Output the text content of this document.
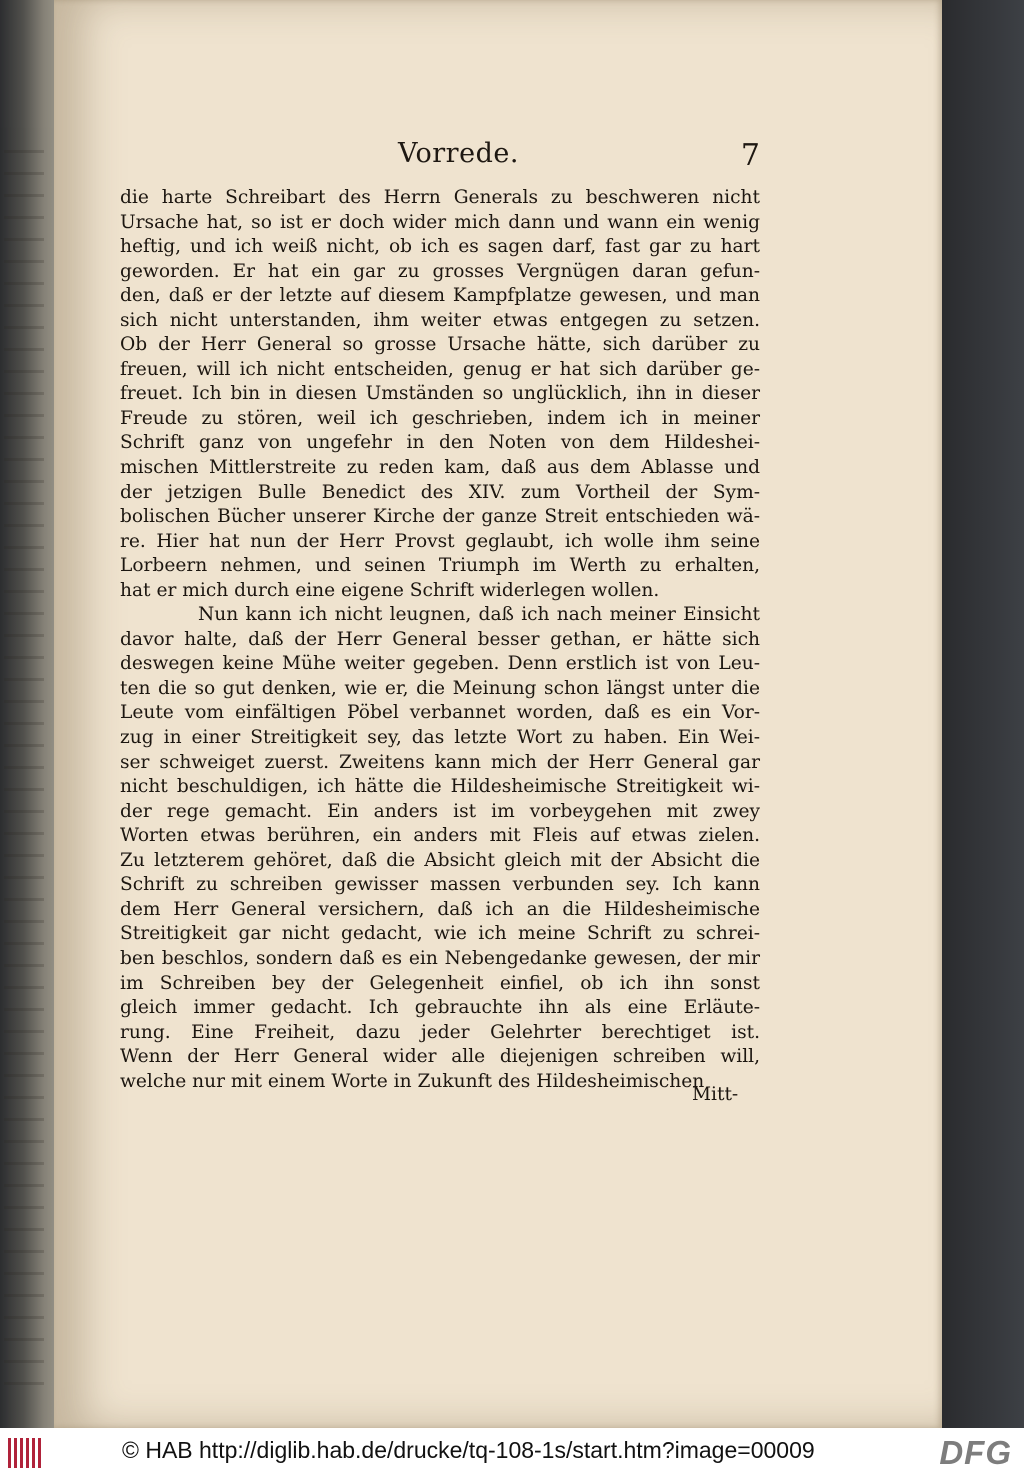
Vorrede.	7
die harte Schreibart des Herrn Generals zu beschweren nicht
Ursache hat, so ist er doch wider mich dann und wann ein wenig
heftig, und ich weiß nicht, ob ich es sagen darf, fast gar zu hart
geworden. Er hat ein gar zu grosses Vergnügen daran gefun-
den, daß er der letzte auf diesem Kampfplatze gewesen, und man
sich nicht unterstanden, ihm weiter etwas entgegen zu setzen.
Ob der Herr General so grosse Ursache hätte, sich darüber zu
freuen, will ich nicht entscheiden, genug er hat sich darüber ge-
freuet. Ich bin in diesen Umständen so unglücklich, ihn in dieser
Freude zu stören, weil ich geschrieben, indem ich in meiner
Schrift ganz von ungefehr in den Noten von dem Hildeshei-
mischen Mittlerstreite zu reden kam, daß aus dem Ablasse und
der jetzigen Bulle Benedict des XIV. zum Vortheil der Sym-
bolischen Bücher unserer Kirche der ganze Streit entschieden wä-
re. Hier hat nun der Herr Provst geglaubt, ich wolle ihm seine
Lorbeern nehmen, und seinen Triumph im Werth zu erhalten,
hat er mich durch eine eigene Schrift widerlegen wollen.
Nun kann ich nicht leugnen, daß ich nach meiner Einsicht
davor halte, daß der Herr General besser gethan, er hätte sich
deswegen keine Mühe weiter gegeben. Denn erstlich ist von Leu-
ten die so gut denken, wie er, die Meinung schon längst unter die
Leute vom einfältigen Pöbel verbannet worden, daß es ein Vor-
zug in einer Streitigkeit sey, das letzte Wort zu haben. Ein Wei-
ser schweiget zuerst. Zweitens kann mich der Herr General gar
nicht beschuldigen, ich hätte die Hildesheimische Streitigkeit wi-
der rege gemacht. Ein anders ist im vorbeygehen mit zwey
Worten etwas berühren, ein anders mit Fleis auf etwas zielen.
Zu letzterem gehöret, daß die Absicht gleich mit der Absicht die
Schrift zu schreiben gewisser massen verbunden sey. Ich kann
dem Herr General versichern, daß ich an die Hildesheimische
Streitigkeit gar nicht gedacht, wie ich meine Schrift zu schrei-
ben beschlos, sondern daß es ein Nebengedanke gewesen, der mir
im Schreiben bey der Gelegenheit einfiel, ob ich ihn sonst
gleich immer gedacht. Ich gebrauchte ihn als eine Erläute-
rung. Eine Freiheit, dazu jeder Gelehrter berechtiget ist.
Wenn der Herr General wider alle diejenigen schreiben will,
welche nur mit einem Worte in Zukunft des Hildesheimischen
Mitt-
© HAB http://diglib.hab.de/drucke/tq-108-1s/start.htm?image=00009	DFG
